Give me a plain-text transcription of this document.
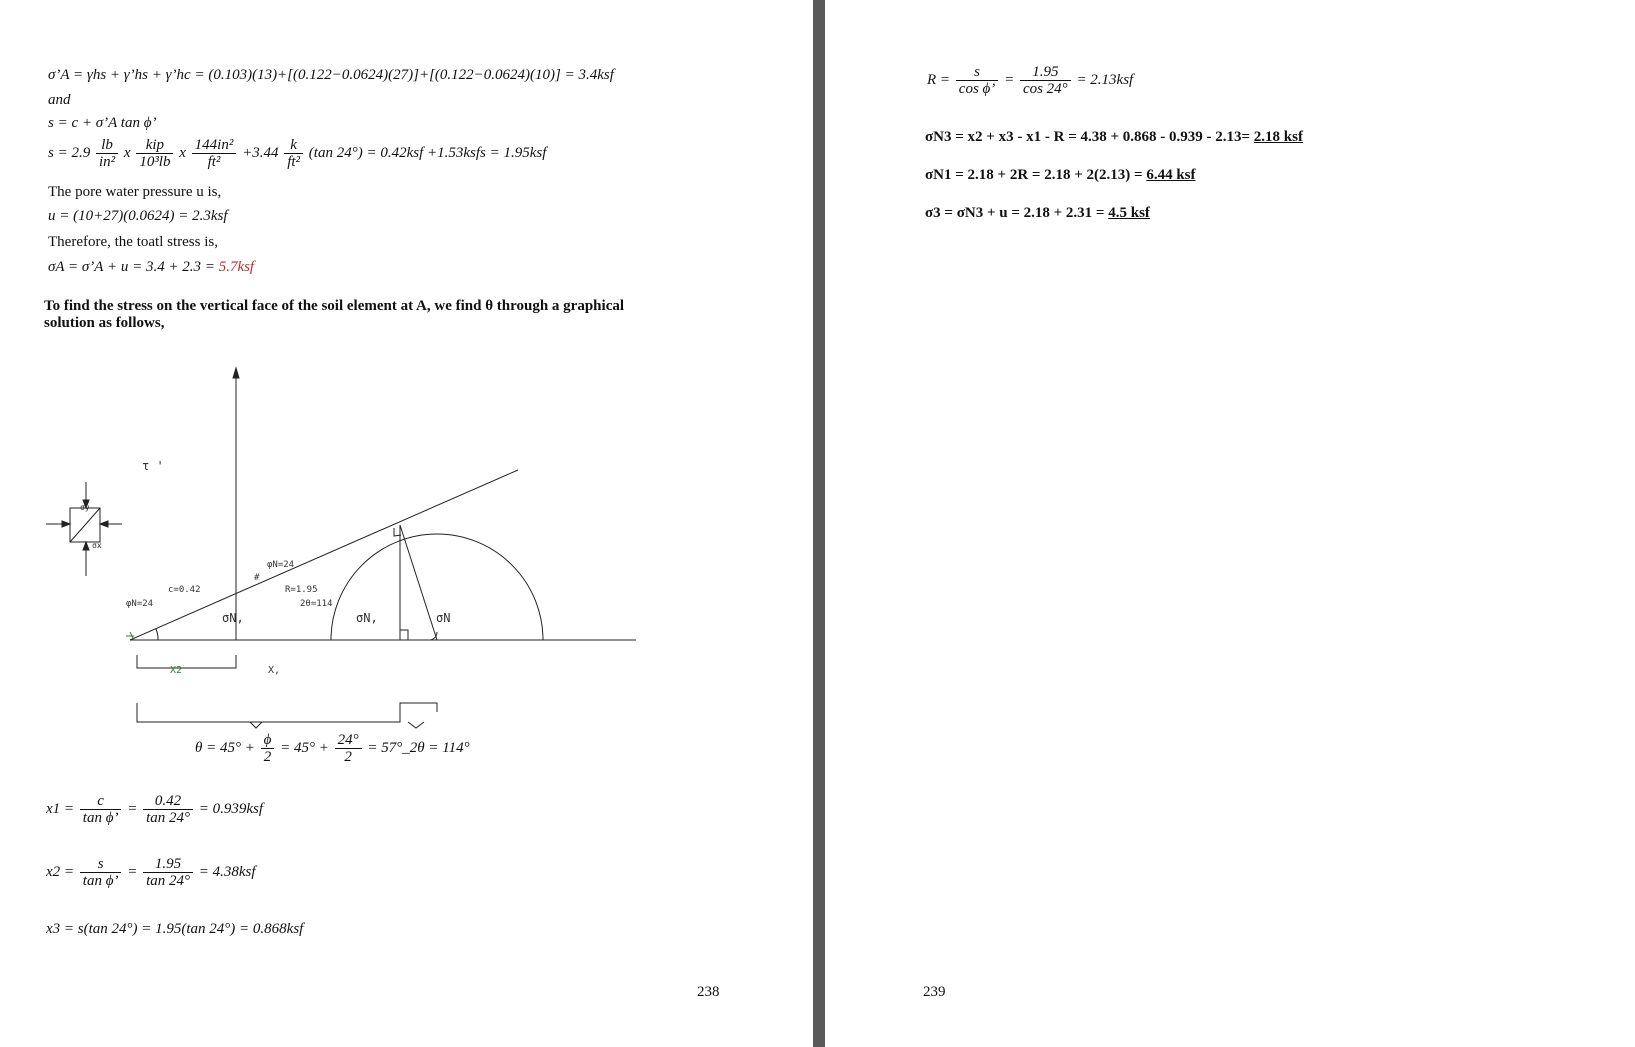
σ’A = γhs + γ’hs + γ’hc = (0.103)(13)+[(0.122−0.0624)(27)]+[(0.122−0.0624)(10)] = 3.4ksf
and
s = c + σ’A tan ϕ’
$s = 2.9 \frac{lb}{\text{in²}}$ x $\frac{\text{kip}}{\text{10³lb}}$ x $\frac{\text{144in²}}{\text{ft²}} +3.44 \frac{k}{\text{ft²}} (\tan$ 24°) = 0.42ksf +1.53ksfs = 1.95ksf
The pore water pressure u is,
u = (10+27)(0.0624) = 2.3ksf
Therefore, the toatl stress is,
σA = σ’A + u = 3.4 + 2.3 = 5.7ksf
To find the stress on the vertical face of the soil element at A, we find θ through a graphical
solution as follows,
τ '
φN=24
#
c=0.42
φN=24
R=1.95
2θ=114
σN,	σN,	σN
X2	X,
σy
σx
$\theta = 45^\circ + \frac{\phi}{2} = 45^\circ + \frac{24^\circ}{2}$ = 57°_2θ = 114°
$x1 = \frac{c}{\text{tan ϕ’}} = \frac{0.42}{\tan 24^\circ} = 0.939ksf$
$x2 = \frac{s}{\text{tan ϕ’}} = \frac{1.95}{\tan 24^\circ} = 4.38ksf$
x3 = s(tan 24°) = 1.95(tan 24°) = 0.868ksf
238
$R = \frac{s}{\text{cos ϕ’}} = \frac{1.95}{\cos 24^\circ} = 2.13ksf$
σN3 = x2 + x3 - x1 - R = 4.38 + 0.868 - 0.939 - 2.13= 2.18 ksf
σN1 = 2.18 + 2R = 2.18 + 2(2.13) = 6.44 ksf
σ3 = σN3 + u = 2.18 + 2.31 = 4.5 ksf
239
